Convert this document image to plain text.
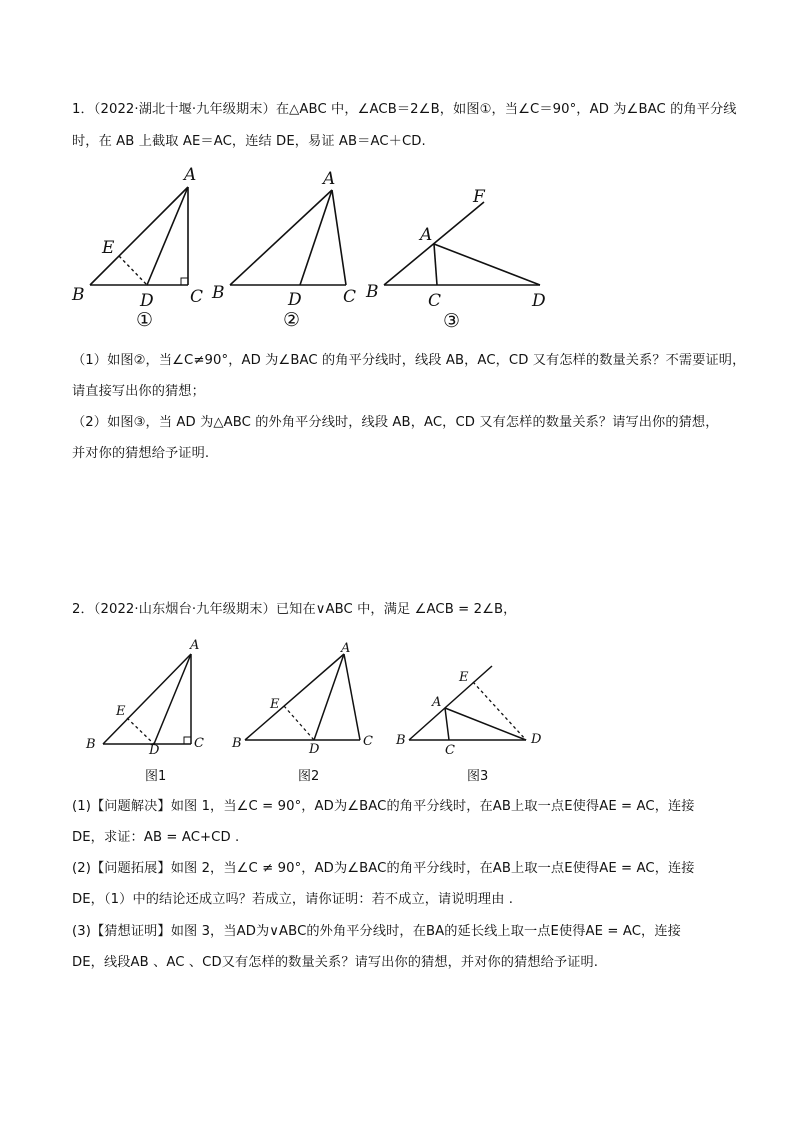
1．（2022·湖北十堰·九年级期末）在△ABC 中，∠ACB＝2∠B，如图①，当∠C＝90°，AD 为∠BAC 的角平分线
时，在 AB 上截取 AE＝AC，连结 DE，易证 AB＝AC＋CD.
A
E
B	D C
A
B	D C
F
A
B	C	D
①	②	③
（1）如图②，当∠C≠90°，AD 为∠BAC 的角平分线时，线段 AB，AC，CD 又有怎样的数量关系？不需要证明，
请直接写出你的猜想；
（2）如图③，当 AD 为△ABC 的外角平分线时，线段 AB，AC，CD 又有怎样的数量关系？请写出你的猜想，
并对你的猜想给予证明.
2．（2022·山东烟台·九年级期末）已知在∨ABC 中，满足 ∠ACB = 2∠B，
A
E
B	D	C
A
E
B	D
C
E
A
B
C
D
图1	图2	图3
(1)【问题解决】如图 1，当∠C = 90°，AD为∠BAC的角平分线时，在AB上取一点E使得AE = AC，连接
DE，求证：AB = AC+CD .
(2)【问题拓展】如图 2，当∠C ≠ 90°，AD为∠BAC的角平分线时，在AB上取一点E使得AE = AC，连接
DE，（1）中的结论还成立吗？若成立，请你证明：若不成立，请说明理由 .
(3)【猜想证明】如图 3，当AD为∨ABC的外角平分线时，在BA的延长线上取一点E使得AE = AC，连接
DE，线段AB 、AC 、CD又有怎样的数量关系？请写出你的猜想，并对你的猜想给予证明.
